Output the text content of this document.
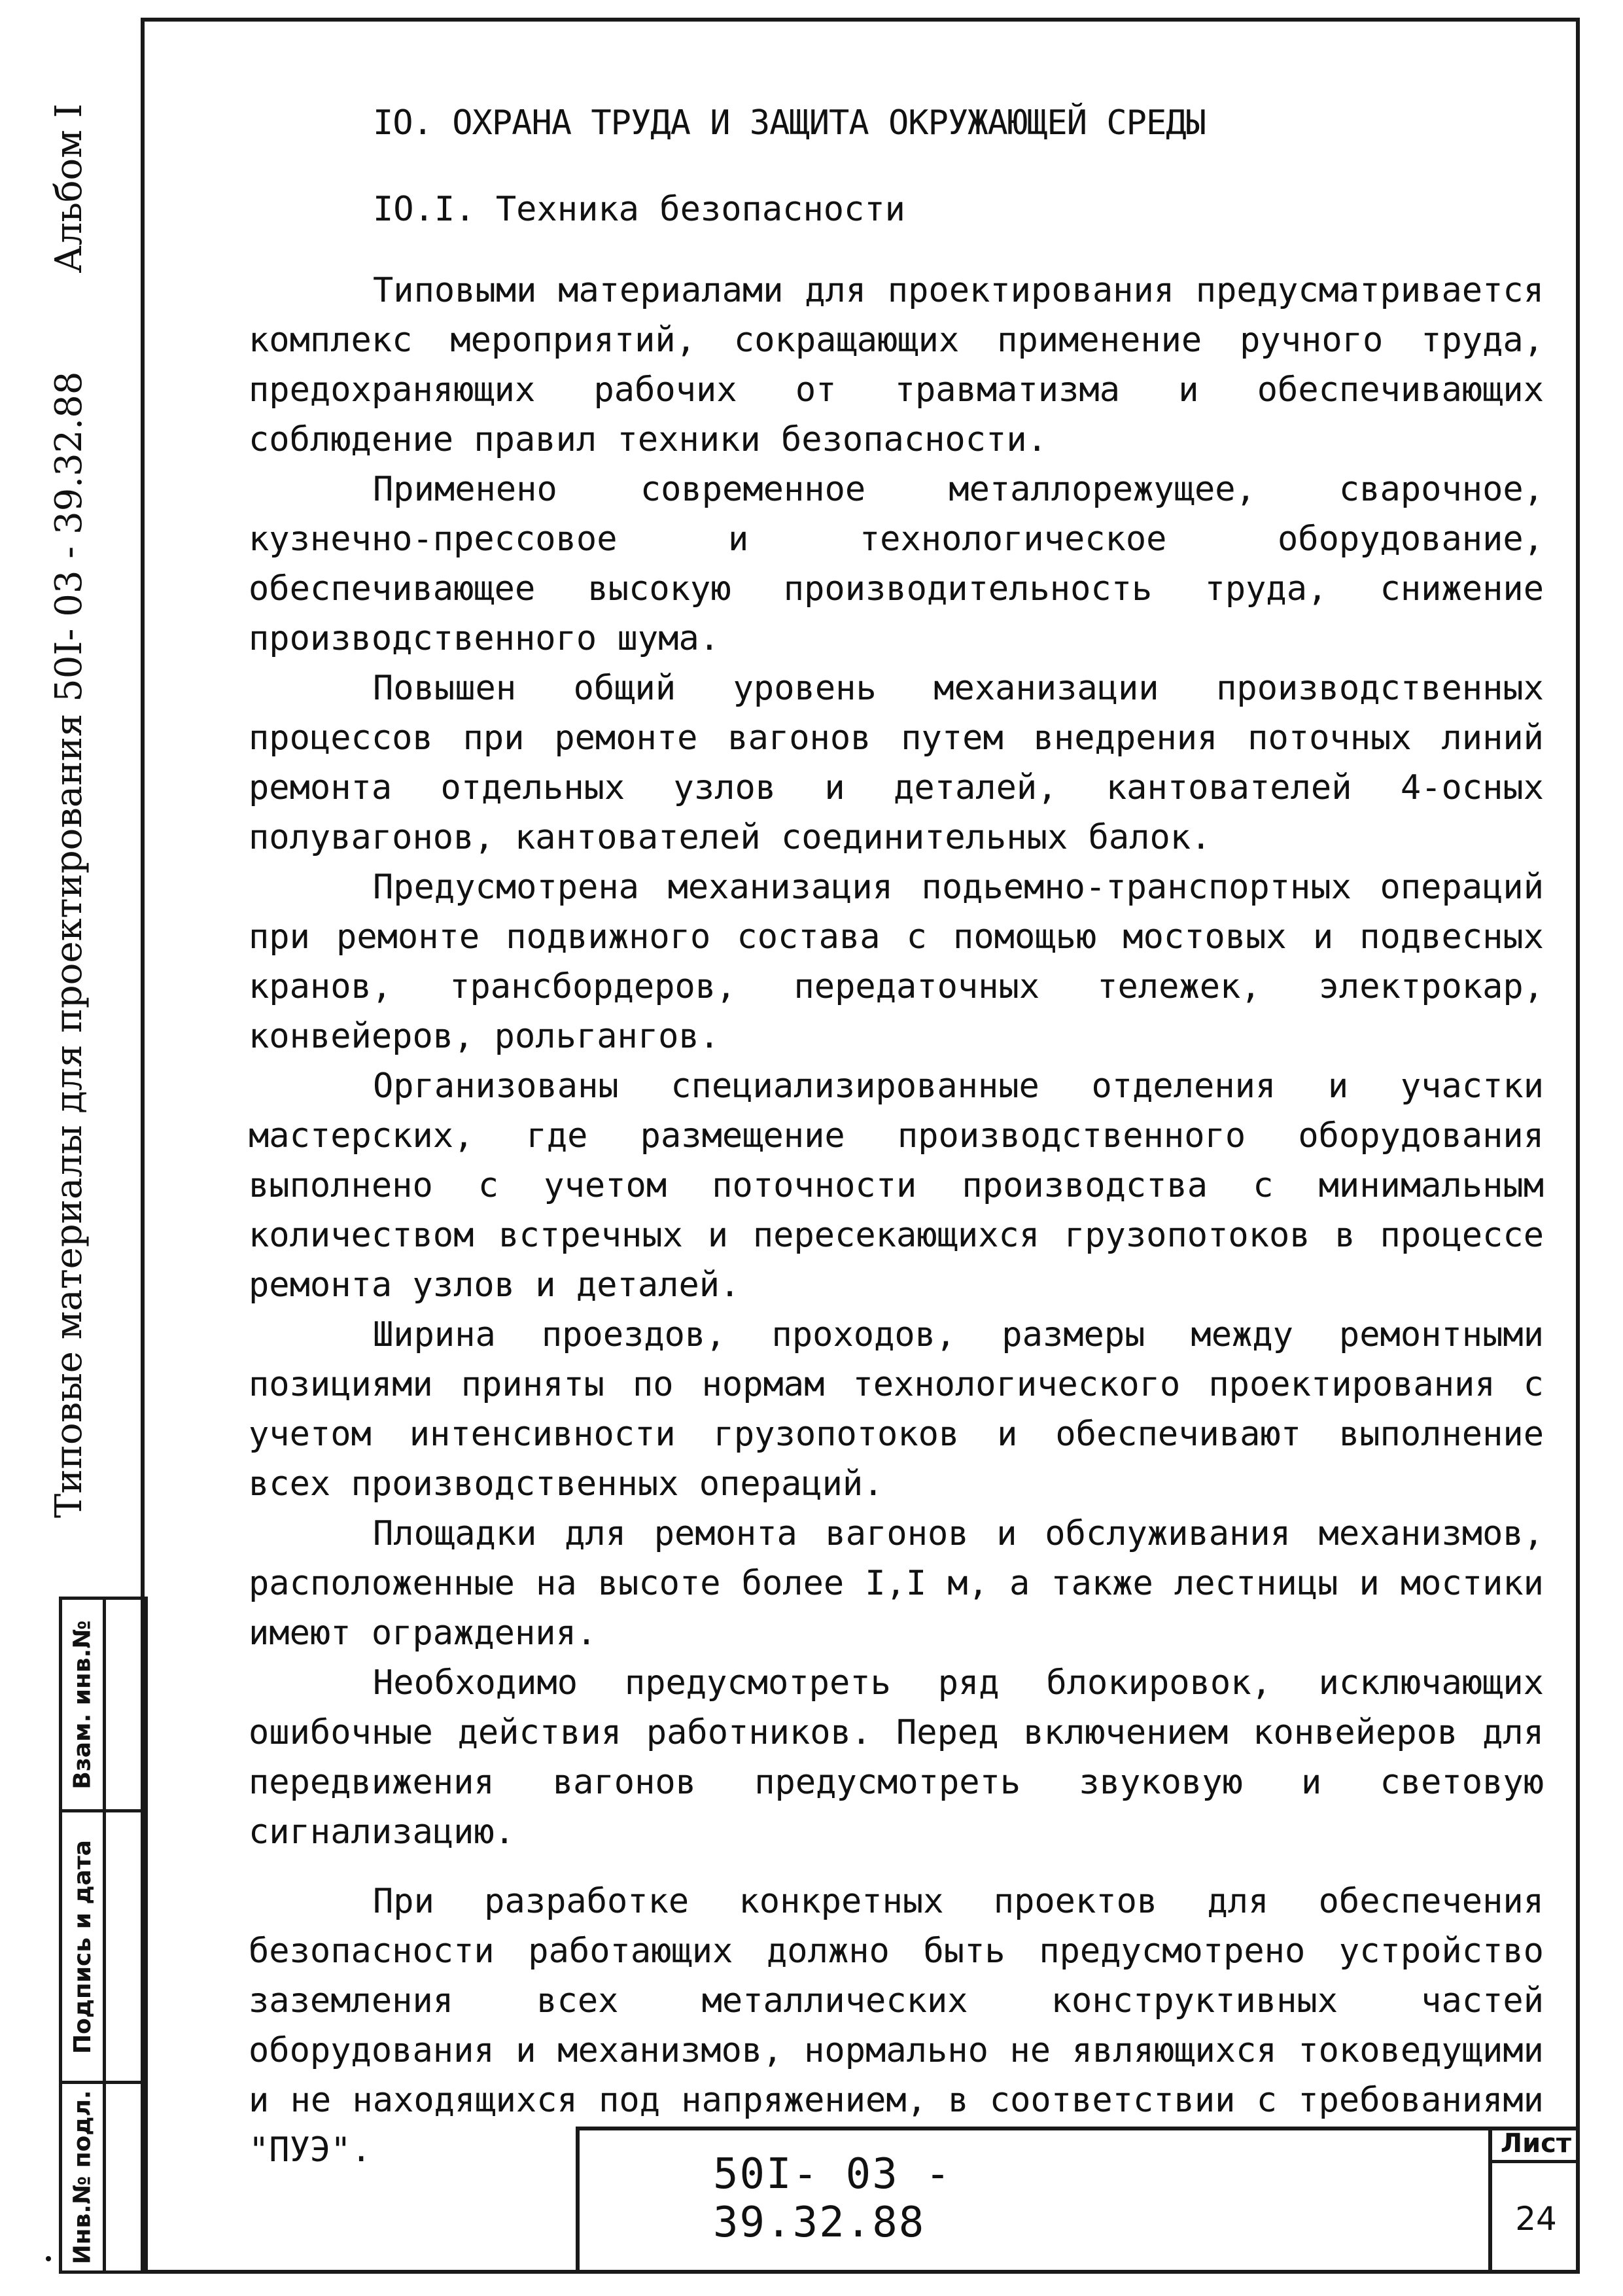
Типовые материалы для проектирования 50I- 03 - 39.32.88
Альбом I
Взам. инв.№
Подпись и дата
Инв.№ подл.
IO. ОХРАНА ТРУДА И ЗАЩИТА ОКРУЖАЮЩЕЙ СРЕДЫ
IO.I. Техника безопасности

Типовыми материалами для проектирования предусматривается комплекс мероприятий, сокращающих применение ручного труда, предохраняющих рабочих от травматизма и обеспечивающих соблюдение правил техники безопасности.

Применено современное металлорежущее, сварочное, кузнечно-прессовое и технологическое оборудование, обеспечивающее высокую производительность труда, снижение производственного шума.

Повышен общий уровень механизации производственных процессов при ремонте вагонов путем внедрения поточных линий ремонта отдельных узлов и деталей, кантователей 4-осных полувагонов, кантователей соединительных балок.

Предусмотрена механизация подьемно-транспортных операций при ремонте подвижного состава с помощью мостовых и подвесных кранов, трансбордеров, передаточных тележек, электрокар, конвейеров, рольгангов.

Организованы специализированные отделения и участки мастерских, где размещение производственного оборудования выполнено с учетом поточности производства с минимальным количеством встречных и пересекающихся грузопотоков в процессе ремонта узлов и деталей.

Ширина проездов, проходов, размеры между ремонтными позициями приняты по нормам технологического проектирования с учетом интенсивности грузопотоков и обеспечивают выполнение всех производственных операций.

Площадки для ремонта вагонов и обслуживания механизмов, расположенные на высоте более I,I м, а также лестницы и мостики имеют ограждения.

Необходимо предусмотреть ряд блокировок, исключающих ошибочные действия работников. Перед включением конвейеров для передвижения вагонов предусмотреть звуковую и световую сигнализацию.

При разработке конкретных проектов для обеспечения безопасности работающих должно быть предусмотрено устройство заземления всех металлических конструктивных частей оборудования и механизмов, нормально не являющихся токоведущими и не находящихся под напряжением, в соответствии с требованиями "ПУЭ".	50I- 03 - 39.32.88
Лист
24
